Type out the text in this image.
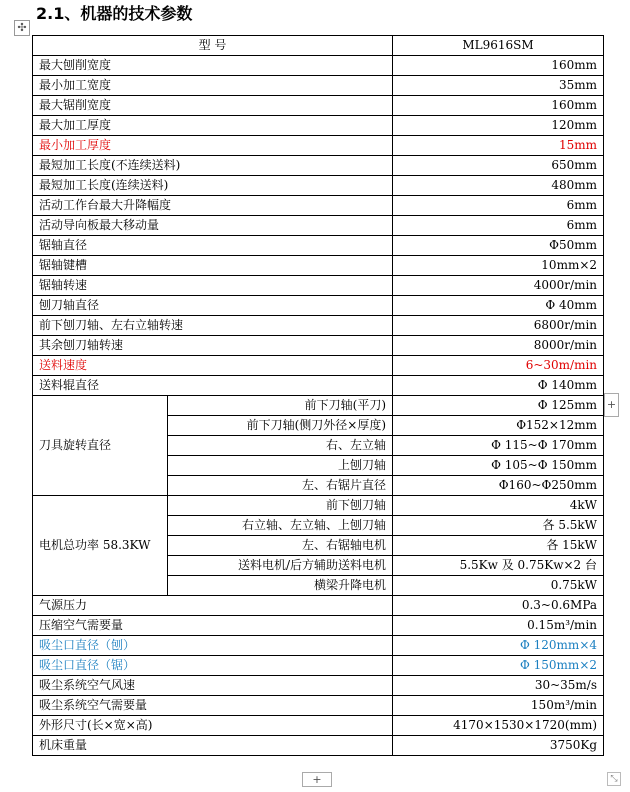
2.1、机器的技术参数
✣
+
+	⤡
型 号		ML9616SM
最大刨削宽度		160mm
最小加工宽度		35mm
最大锯削宽度		160mm
最大加工厚度		120mm
最小加工厚度		15mm
最短加工长度(不连续送料)		650mm
最短加工长度(连续送料)		480mm
活动工作台最大升降幅度		6mm
活动导向板最大移动量		6mm
锯轴直径		Φ50mm
锯轴键槽		10mm×2
锯轴转速		4000r/min
刨刀轴直径		Φ 40mm
前下刨刀轴、左右立轴转速		6800r/min
其余刨刀轴转速		8000r/min
送料速度		6~30m/min
送料辊直径		Φ 140mm
刀具旋转直径	前下刀轴(平刀)	Φ 125mm
	前下刀轴(侧刀外径×厚度)	Φ152×12mm
	右、左立轴	Φ 115~Φ 170mm
	上刨刀轴	Φ 105~Φ 150mm
	左、右锯片直径	Φ160~Φ250mm
电机总功率 58.3KW	前下刨刀轴	4kW
	右立轴、左立轴、上刨刀轴	各 5.5kW
	左、右锯轴电机	各 15kW
	送料电机/后方辅助送料电机	5.5Kw 及 0.75Kw×2 台
	横梁升降电机	0.75kW
气源压力		0.3~0.6MPa
压缩空气需要量		0.15m³/min
吸尘口直径（刨）		Φ 120mm×4
吸尘口直径（锯）		Φ 150mm×2
吸尘系统空气风速		30~35m/s
吸尘系统空气需要量		150m³/min
外形尺寸(长×宽×高)		4170×1530×1720(mm)
机床重量		3750Kg
